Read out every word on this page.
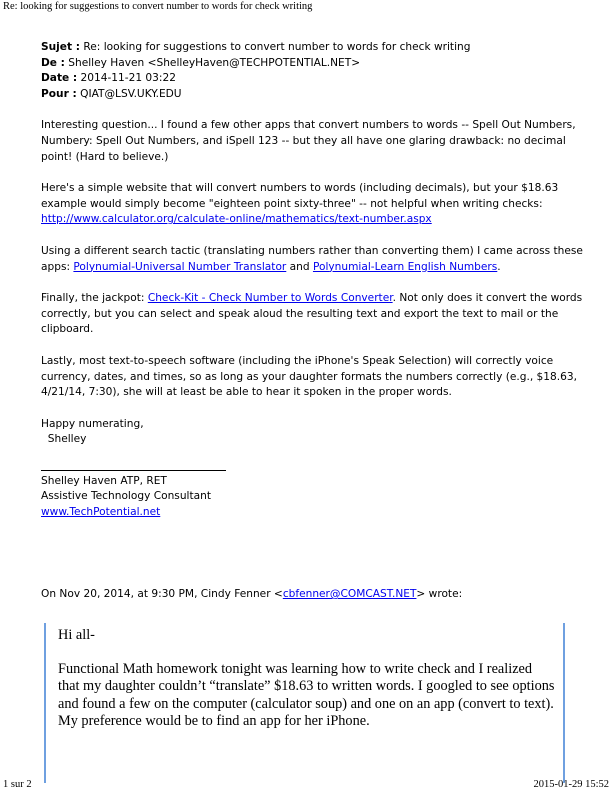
Re: looking for suggestions to convert number to words for check writing
Sujet : Re: looking for suggestions to convert number to words for check writing
De : Shelley Haven <ShelleyHaven@TECHPOTENTIAL.NET>
Date : 2014-11-21 03:22
Pour : QIAT@LSV.UKY.EDU

Interesting question... I found a few other apps that convert numbers to words -- Spell Out Numbers, Numbery: Spell Out Numbers, and iSpell 123 -- but they all have one glaring drawback: no decimal point! (Hard to believe.)

Here's a simple website that will convert numbers to words (including decimals), but your $18.63 example would simply become "eighteen point sixty-three" -- not helpful when writing checks:
http://www.calculator.org/calculate-online/mathematics/text-number.aspx

Using a different search tactic (translating numbers rather than converting them) I came across these apps: Polynumial-Universal Number Translator and Polynumial-Learn English Numbers.

Finally, the jackpot: Check-Kit - Check Number to Words Converter. Not only does it convert the words correctly, but you can select and speak aloud the resulting text and export the text to mail or the clipboard.

Lastly, most text-to-speech software (including the iPhone's Speak Selection) will correctly voice currency, dates, and times, so as long as your daughter formats the numbers correctly (e.g., $18.63, 4/21/14, 7:30), she will at least be able to hear it spoken in the proper words.

Happy numerating,
Shelley

Shelley Haven ATP, RET
Assistive Technology Consultant
www.TechPotential.net

On Nov 20, 2014, at 9:30 PM, Cindy Fenner <cbfenner@COMCAST.NET> wrote:

Hi all-

Functional Math homework tonight was learning how to write check and I realized that my daughter couldn’t “translate” $18.63 to written words. I googled to see options and found a few on the computer (calculator soup) and one on an app (convert to text). My preference would be to find an app for her iPhone.

1 sur 2	2015-01-29 15:52
